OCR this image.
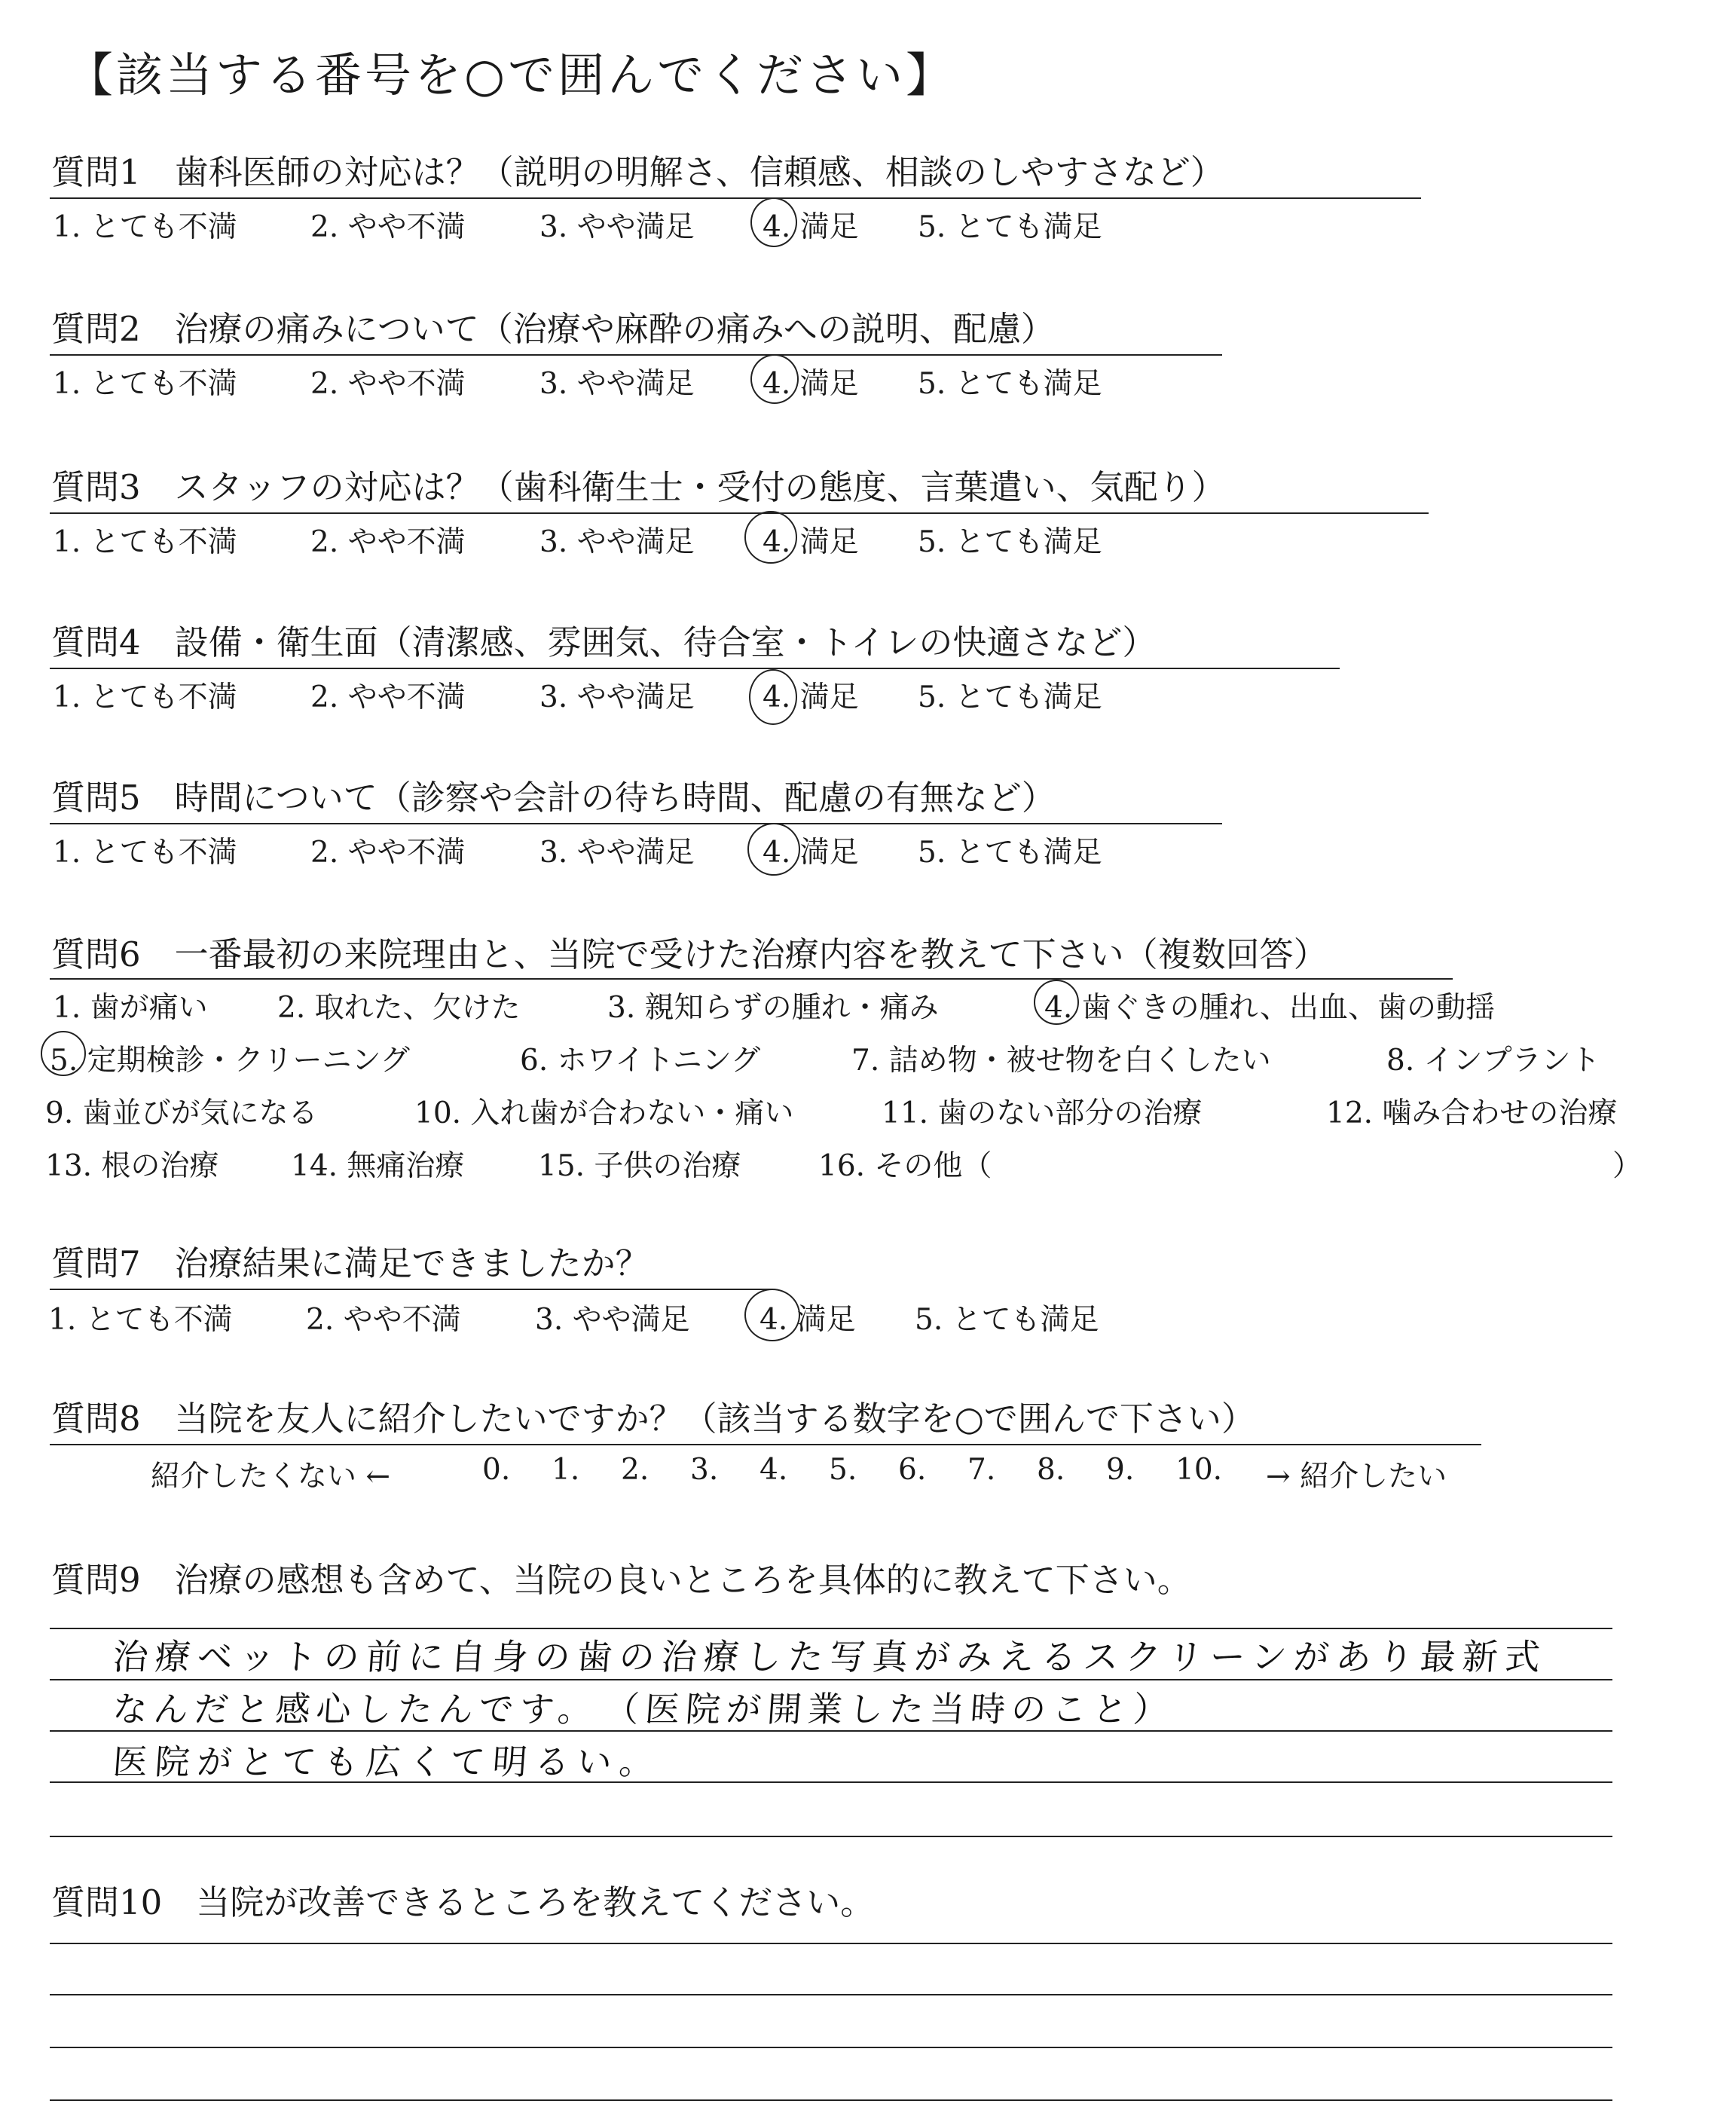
【該当する番号を○で囲んでください】
質問1　歯科医師の対応は？（説明の明解さ、信頼感、相談のしやすさなど）
1. とても不満 2. やや不満	3. やや満足 4. 満足 5. とても満足
質問2　治療の痛みについて（治療や麻酔の痛みへの説明、配慮）
1. とても不満 2. やや不満	3. やや満足 4. 満足 5. とても満足
質問3　スタッフの対応は？（歯科衛生士・受付の態度、言葉遣い、気配り）
1. とても不満 2. やや不満	3. やや満足 4. 満足 5. とても満足
質問4　設備・衛生面（清潔感、雰囲気、待合室・トイレの快適さなど）
1. とても不満 2. やや不満	3. やや満足 4. 満足 5. とても満足
質問5　時間について（診察や会計の待ち時間、配慮の有無など）
1. とても不満 2. やや不満	3. やや満足 4. 満足 5. とても満足
質問6　一番最初の来院理由と、当院で受けた治療内容を教えて下さい（複数回答）
1. 歯が痛い 2. 取れた、欠けた	3. 親知らずの腫れ・痛み	4. 歯ぐきの腫れ、出血、歯の動揺
5. 定期検診・クリーニング	6. ホワイトニング	7. 詰め物・被せ物を白くしたい	8. インプラント
9. 歯並びが気になる	10. 入れ歯が合わない・痛い	11. 歯のない部分の治療	12. 噛み合わせの治療
13. 根の治療 14. 無痛治療	15. 子供の治療	16. その他（	）
質問7　治療結果に満足できましたか？
1. とても不満 2. やや不満	3. やや満足 4. 満足 5. とても満足
質問8　当院を友人に紹介したいですか？（該当する数字を○で囲んで下さい）
紹介したくない ←	0. 1. 2. 3. 4. 5. 6. 7. 8. 9. 10. → 紹介したい
質問9　治療の感想も含めて、当院の良いところを具体的に教えて下さい。
治療ベットの前に自身の歯の治療した写真がみえるスクリーンがあり最新式
なんだと感心したんです。　（医院が開業した当時のこと）
医院がとても広くて明るい。
質問10　当院が改善できるところを教えてください。
